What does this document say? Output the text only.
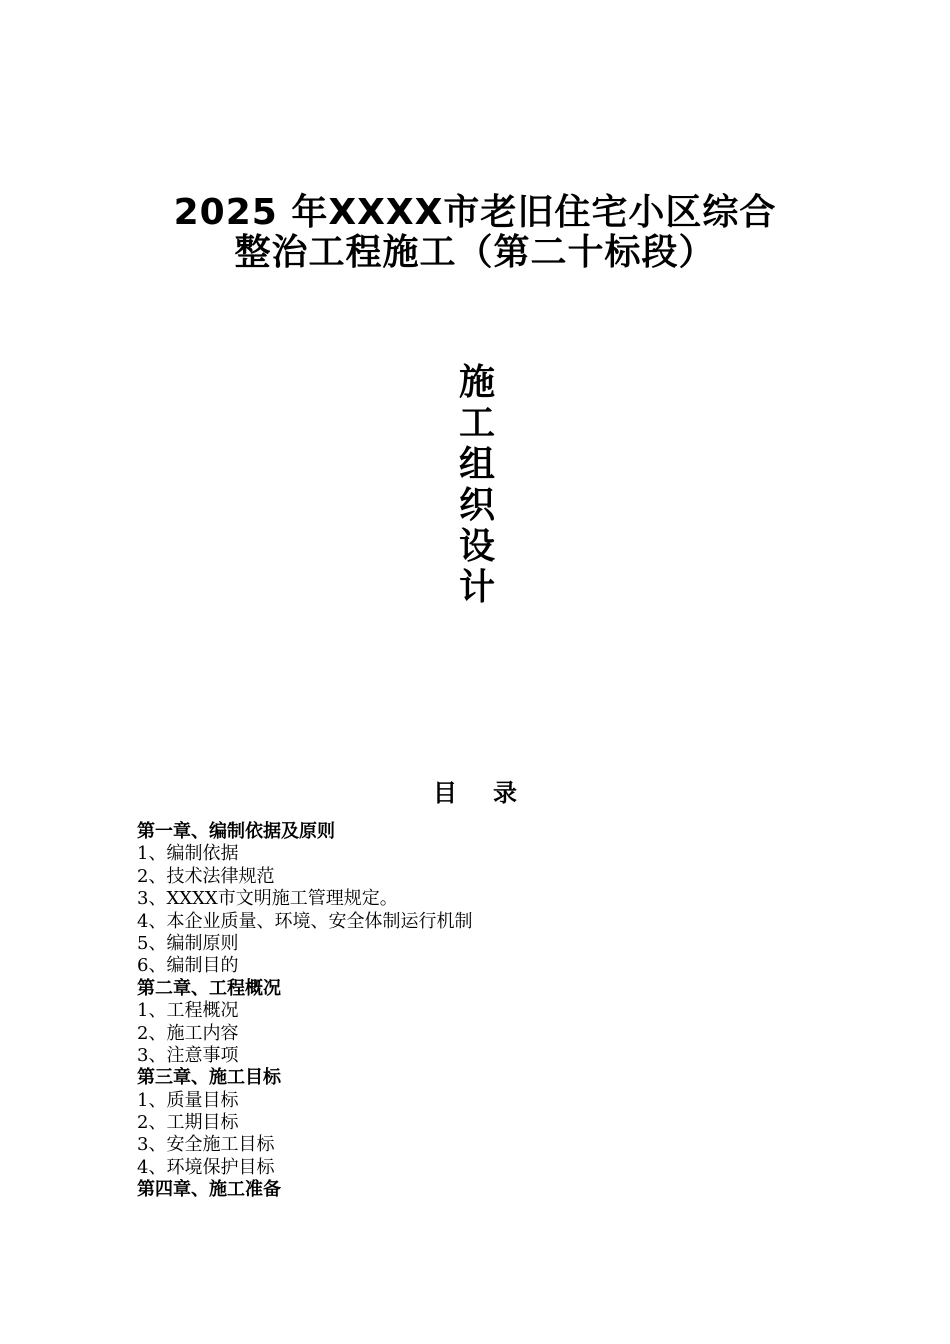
2025 年XXXX市老旧住宅小区综合
整治工程施工（第二十标段）
施
工
组
织
设
计
目录
第一章、编制依据及原则
1、编制依据
2、技术法律规范
3、XXXX市文明施工管理规定。
4、本企业质量、环境、安全体制运行机制
5、编制原则
6、编制目的
第二章、工程概况
1、工程概况
2、施工内容
3、注意事项
第三章、施工目标
1、质量目标
2、工期目标
3、安全施工目标
4、环境保护目标
第四章、施工准备
